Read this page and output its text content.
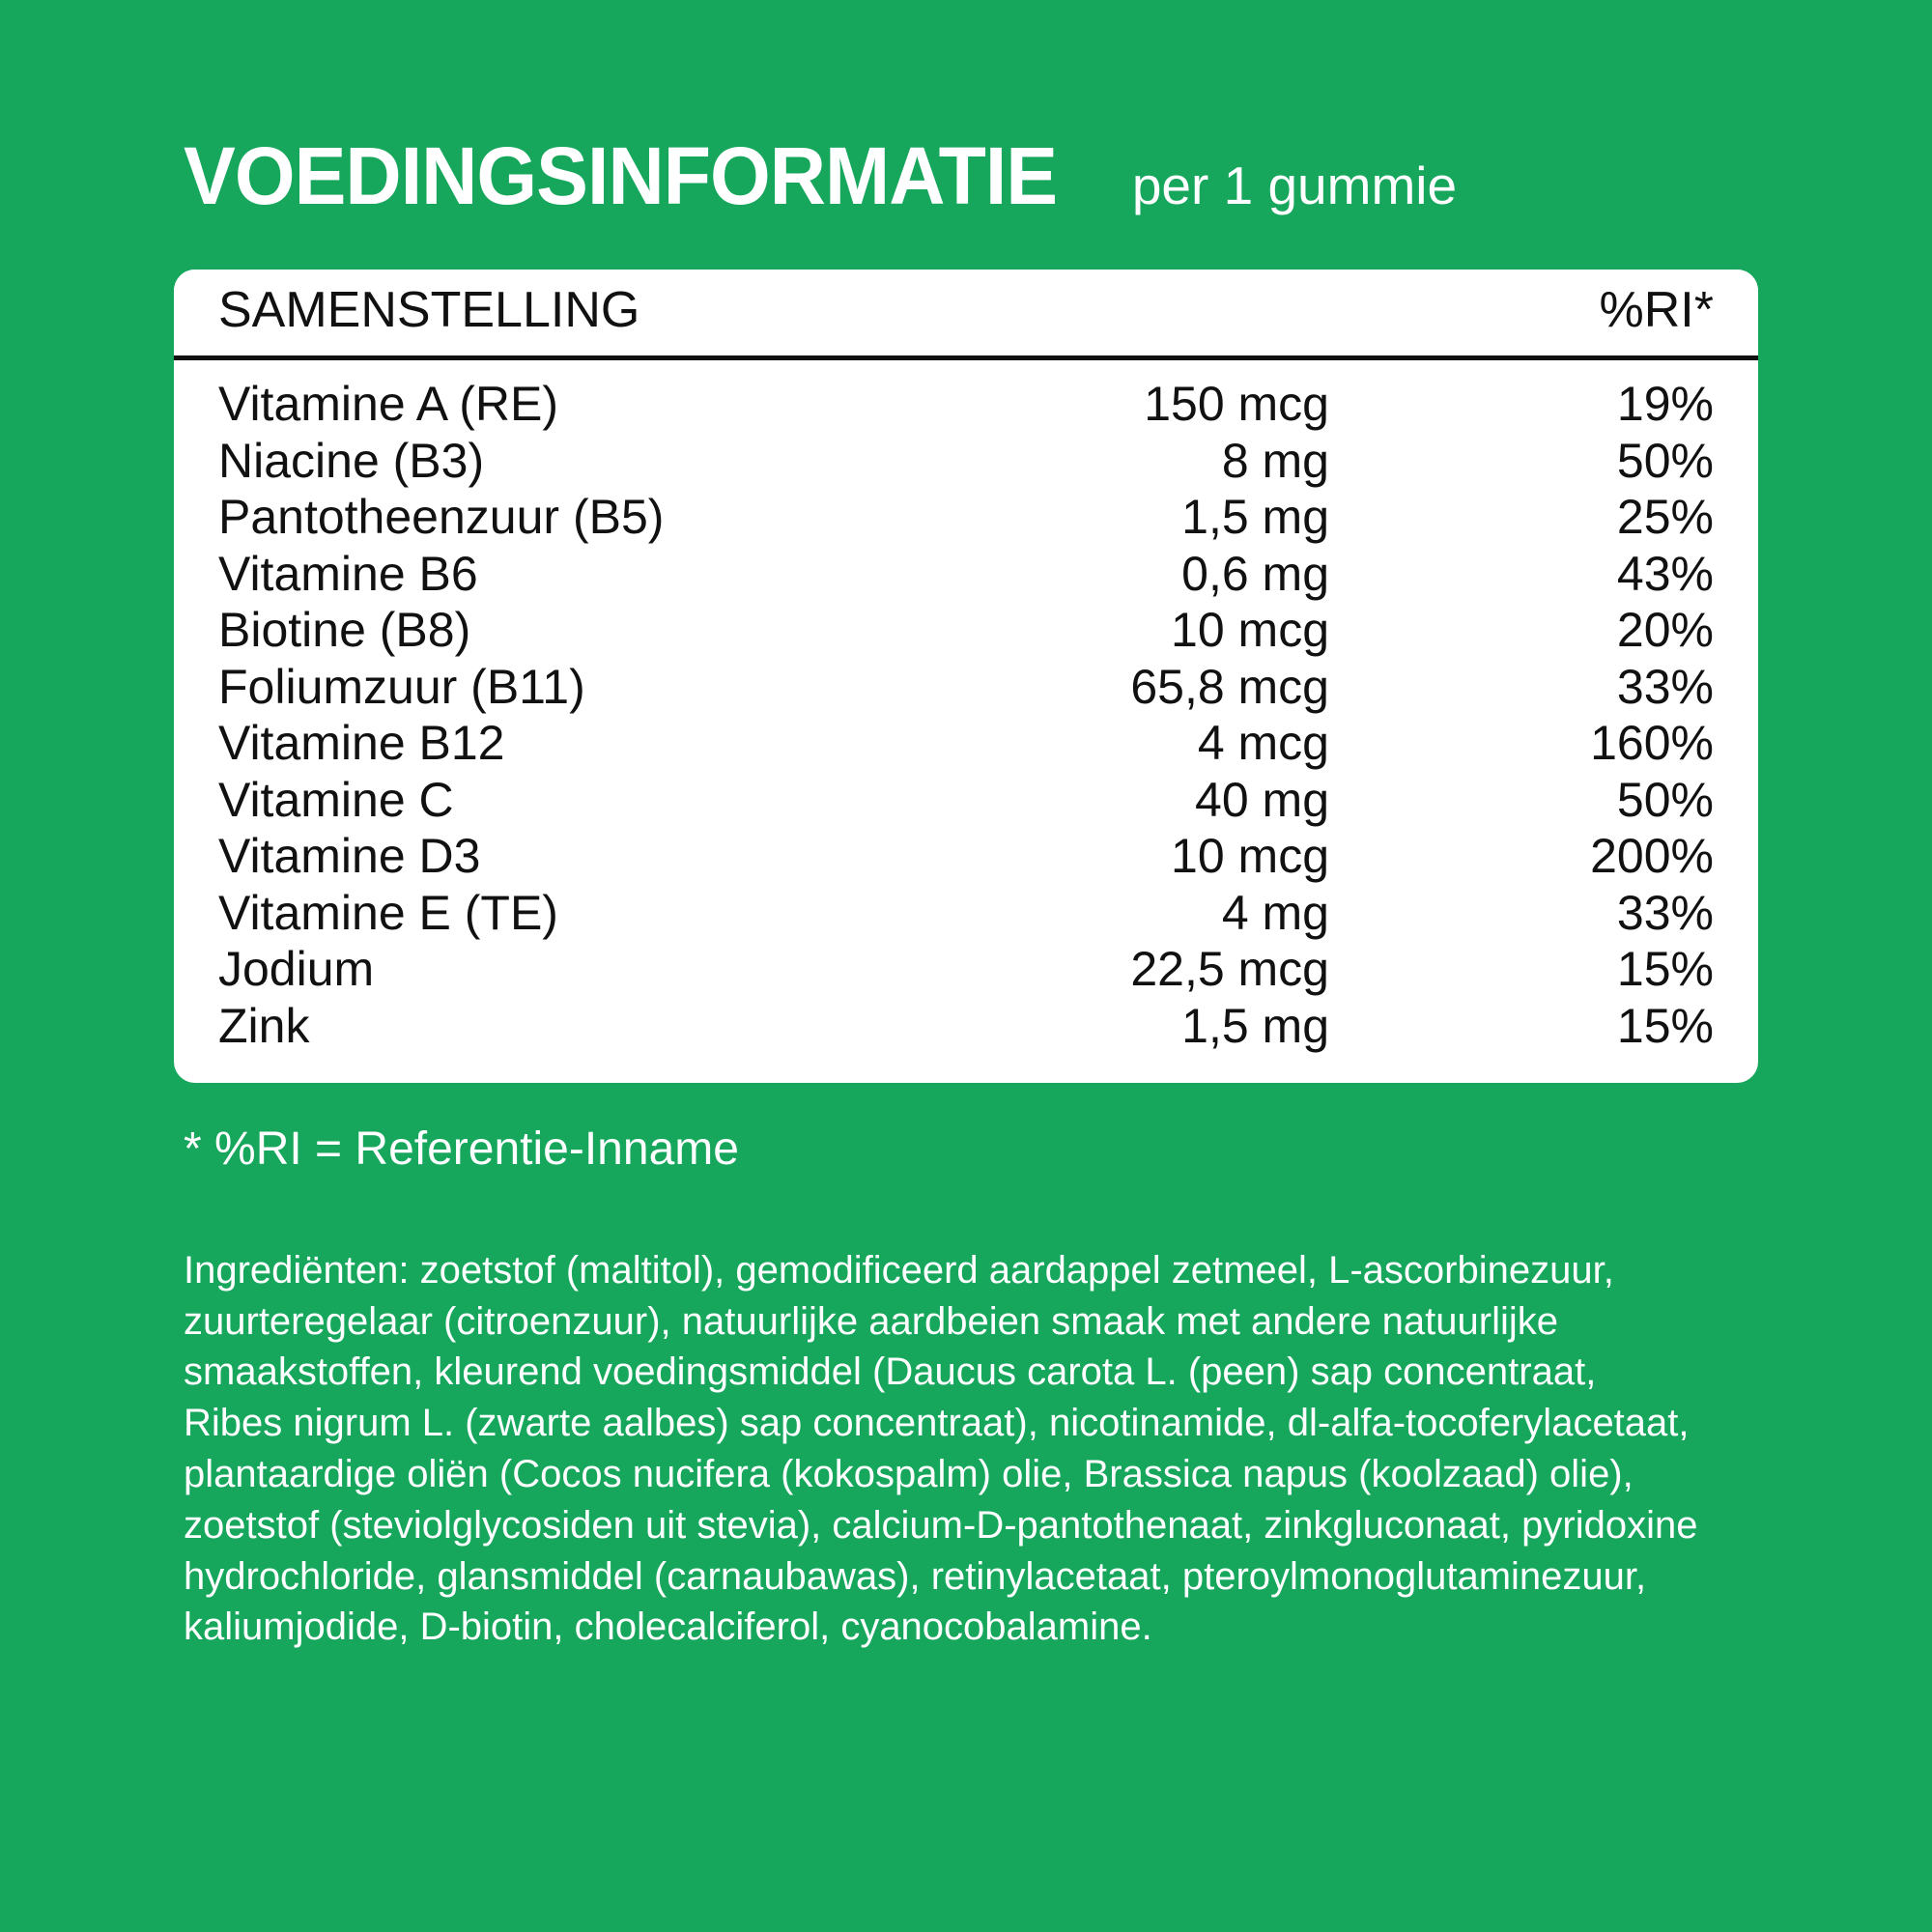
VOEDINGSINFORMATIE per 1 gummie
SAMENSTELLING	%RI*
Vitamine A (RE)	150 mcg	19%
Niacine (B3)	8 mg	50%
Pantotheenzuur (B5)	1,5 mg	25%
Vitamine B6	0,6 mg	43%
Biotine (B8)	10 mcg	20%
Foliumzuur (B11)	65,8 mcg	33%
Vitamine B12	4 mcg	160%
Vitamine C	40 mg	50%
Vitamine D3	10 mcg	200%
Vitamine E (TE)	4 mg	33%
Jodium	22,5 mcg	15%
Zink	1,5 mg	15%
* %RI = Referentie-Inname
Ingrediënten: zoetstof (maltitol), gemodificeerd aardappel zetmeel, L-ascorbinezuur, zuurteregelaar (citroenzuur), natuurlijke aardbeien smaak met andere natuurlijke smaakstoffen, kleurend voedingsmiddel (Daucus carota L. (peen) sap concentraat, Ribes nigrum L. (zwarte aalbes) sap concentraat), nicotinamide, dl-alfa-tocoferylacetaat, plantaardige oliën (Cocos nucifera (kokospalm) olie, Brassica napus (koolzaad) olie), zoetstof (steviolglycosiden uit stevia), calcium-D-pantothenaat, zinkgluconaat, pyridoxine hydrochloride, glansmiddel (carnaubawas), retinylacetaat, pteroylmonoglutaminezuur, kaliumjodide, D-biotin, cholecalciferol, cyanocobalamine.
